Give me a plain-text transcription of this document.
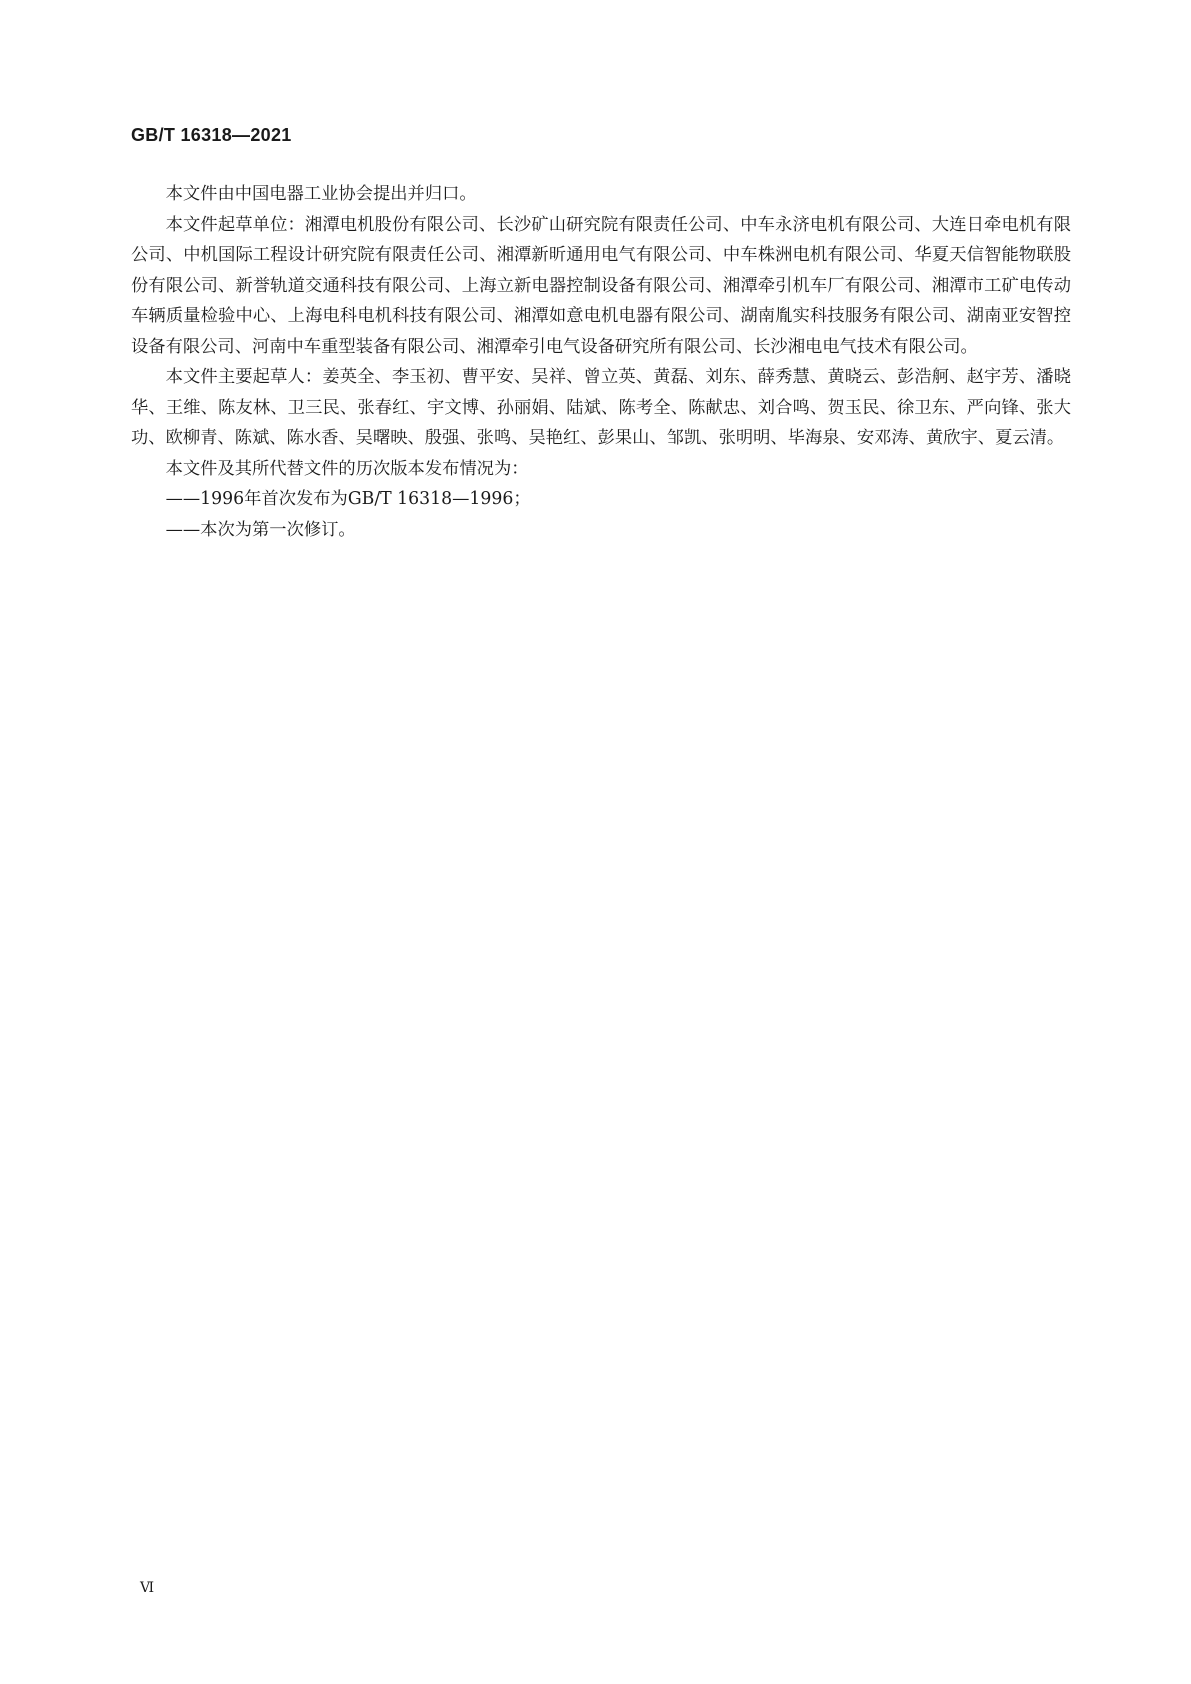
GB/T 16318—2021

本文件由中国电器工业协会提出并归口。

本文件起草单位：湘潭电机股份有限公司、长沙矿山研究院有限责任公司、中车永济电机有限公司、大连日牵电机有限公司、中机国际工程设计研究院有限责任公司、湘潭新昕通用电气有限公司、中车株洲电机有限公司、华夏天信智能物联股份有限公司、新誉轨道交通科技有限公司、上海立新电器控制设备有限公司、湘潭牵引机车厂有限公司、湘潭市工矿电传动车辆质量检验中心、上海电科电机科技有限公司、湘潭如意电机电器有限公司、湖南胤实科技服务有限公司、湖南亚安智控设备有限公司、河南中车重型装备有限公司、湘潭牵引电气设备研究所有限公司、长沙湘电电气技术有限公司。

本文件主要起草人：姜英全、李玉初、曹平安、吴祥、曾立英、黄磊、刘东、薛秀慧、黄晓云、彭浩舸、赵宇芳、潘晓华、王维、陈友林、卫三民、张春红、宇文博、孙丽娟、陆斌、陈考全、陈献忠、刘合鸣、贺玉民、徐卫东、严向锋、张大功、欧柳青、陈斌、陈水香、吴曙映、殷强、张鸣、吴艳红、彭果山、邹凯、张明明、毕海泉、安邓涛、黄欣宇、夏云清。

本文件及其所代替文件的历次版本发布情况为：

——1996年首次发布为GB/T 16318—1996；

——本次为第一次修订。

Ⅵ
